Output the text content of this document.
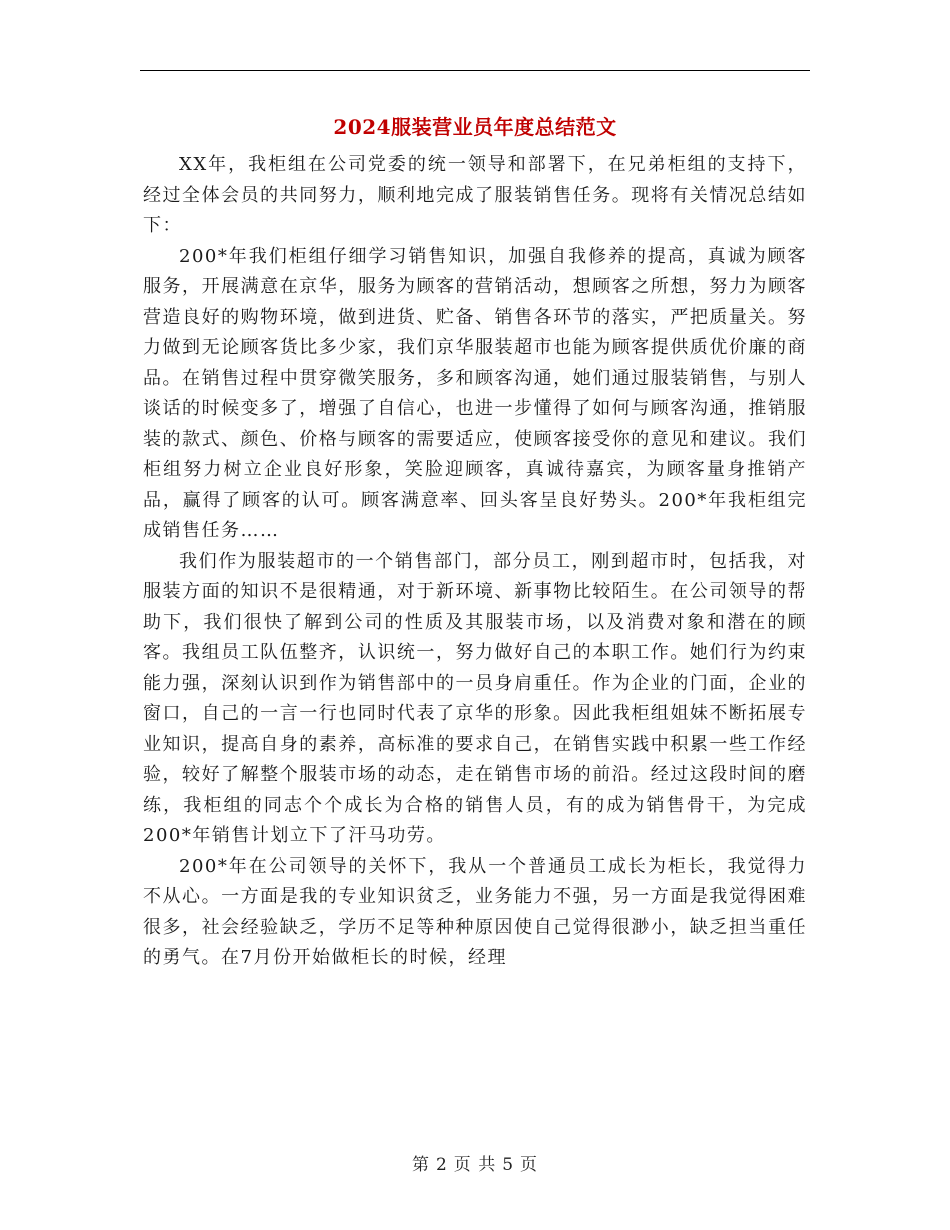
2024服装营业员年度总结范文

XX年，我柜组在公司党委的统一领导和部署下，在兄弟柜组的支持下，经过全体会员的共同努力，顺利地完成了服装销售任务。现将有关情况总结如下：

200*年我们柜组仔细学习销售知识，加强自我修养的提高，真诚为顾客服务，开展满意在京华，服务为顾客的营销活动，想顾客之所想，努力为顾客营造良好的购物环境，做到进货、贮备、销售各环节的落实，严把质量关。努力做到无论顾客货比多少家，我们京华服装超市也能为顾客提供质优价廉的商品。在销售过程中贯穿微笑服务，多和顾客沟通，她们通过服装销售，与别人谈话的时候变多了，增强了自信心，也进一步懂得了如何与顾客沟通，推销服装的款式、颜色、价格与顾客的需要适应，使顾客接受你的意见和建议。我们柜组努力树立企业良好形象，笑脸迎顾客，真诚待嘉宾，为顾客量身推销产品，赢得了顾客的认可。顾客满意率、回头客呈良好势头。200*年我柜组完成销售任务……

我们作为服装超市的一个销售部门，部分员工，刚到超市时，包括我，对服装方面的知识不是很精通，对于新环境、新事物比较陌生。在公司领导的帮助下，我们很快了解到公司的性质及其服装市场，以及消费对象和潜在的顾客。我组员工队伍整齐，认识统一，努力做好自己的本职工作。她们行为约束能力强，深刻认识到作为销售部中的一员身肩重任。作为企业的门面，企业的窗口，自己的一言一行也同时代表了京华的形象。因此我柜组姐妹不断拓展专业知识，提高自身的素养，高标准的要求自己，在销售实践中积累一些工作经验，较好了解整个服装市场的动态，走在销售市场的前沿。经过这段时间的磨练，我柜组的同志个个成长为合格的销售人员，有的成为销售骨干，为完成200*年销售计划立下了汗马功劳。

200*年在公司领导的关怀下，我从一个普通员工成长为柜长，我觉得力不从心。一方面是我的专业知识贫乏，业务能力不强，另一方面是我觉得困难很多，社会经验缺乏，学历不足等种种原因使自己觉得很渺小，缺乏担当重任的勇气。在7月份开始做柜长的时候，经理

第 2 页 共 5 页
